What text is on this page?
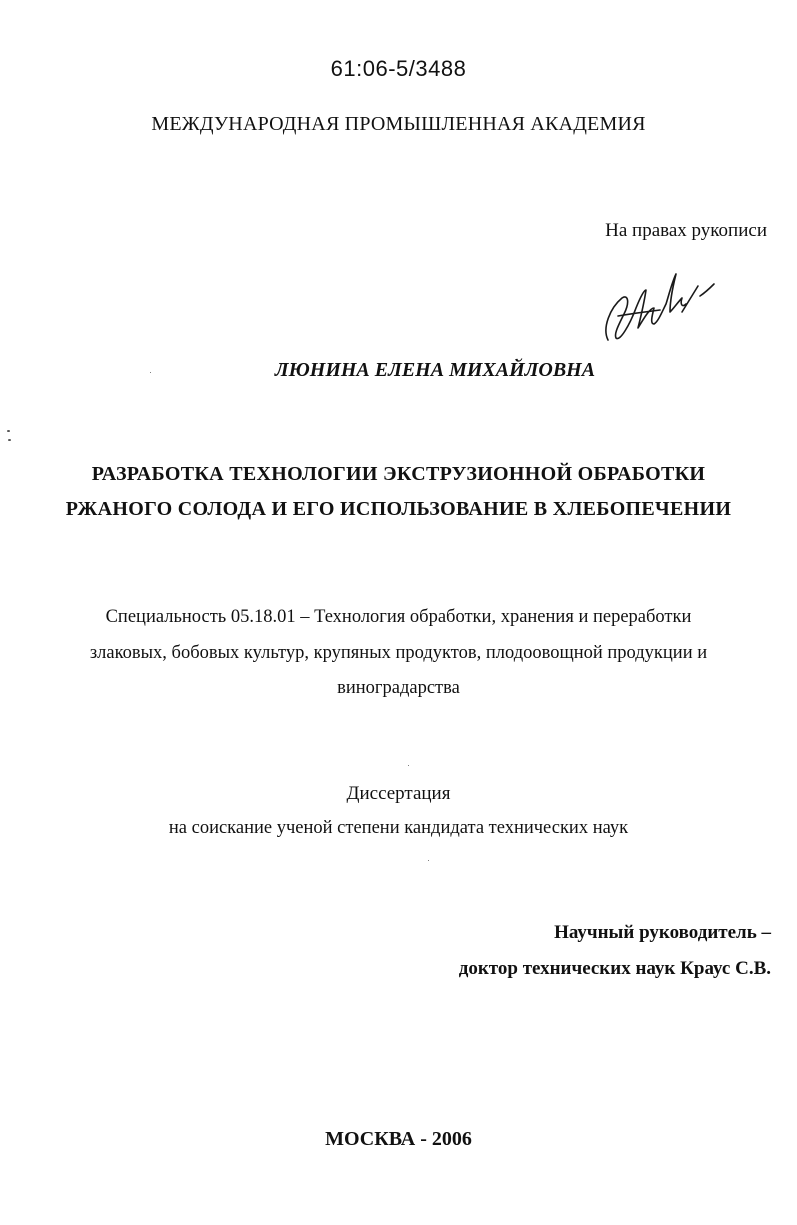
61:06-5/3488
МЕЖДУНАРОДНАЯ ПРОМЫШЛЕННАЯ АКАДЕМИЯ
На правах рукописи
ЛЮНИНА ЕЛЕНА МИХАЙЛОВНА
РАЗРАБОТКА ТЕХНОЛОГИИ ЭКСТРУЗИОННОЙ ОБРАБОТКИ
РЖАНОГО СОЛОДА И ЕГО ИСПОЛЬЗОВАНИЕ В ХЛЕБОПЕЧЕНИИ
Специальность 05.18.01 – Технология обработки, хранения и переработки
злаковых, бобовых культур, крупяных продуктов, плодоовощной продукции и
виноградарства
Диссертация
на соискание ученой степени кандидата технических наук
Научный руководитель –
доктор технических наук Краус С.В.
МОСКВА - 2006
